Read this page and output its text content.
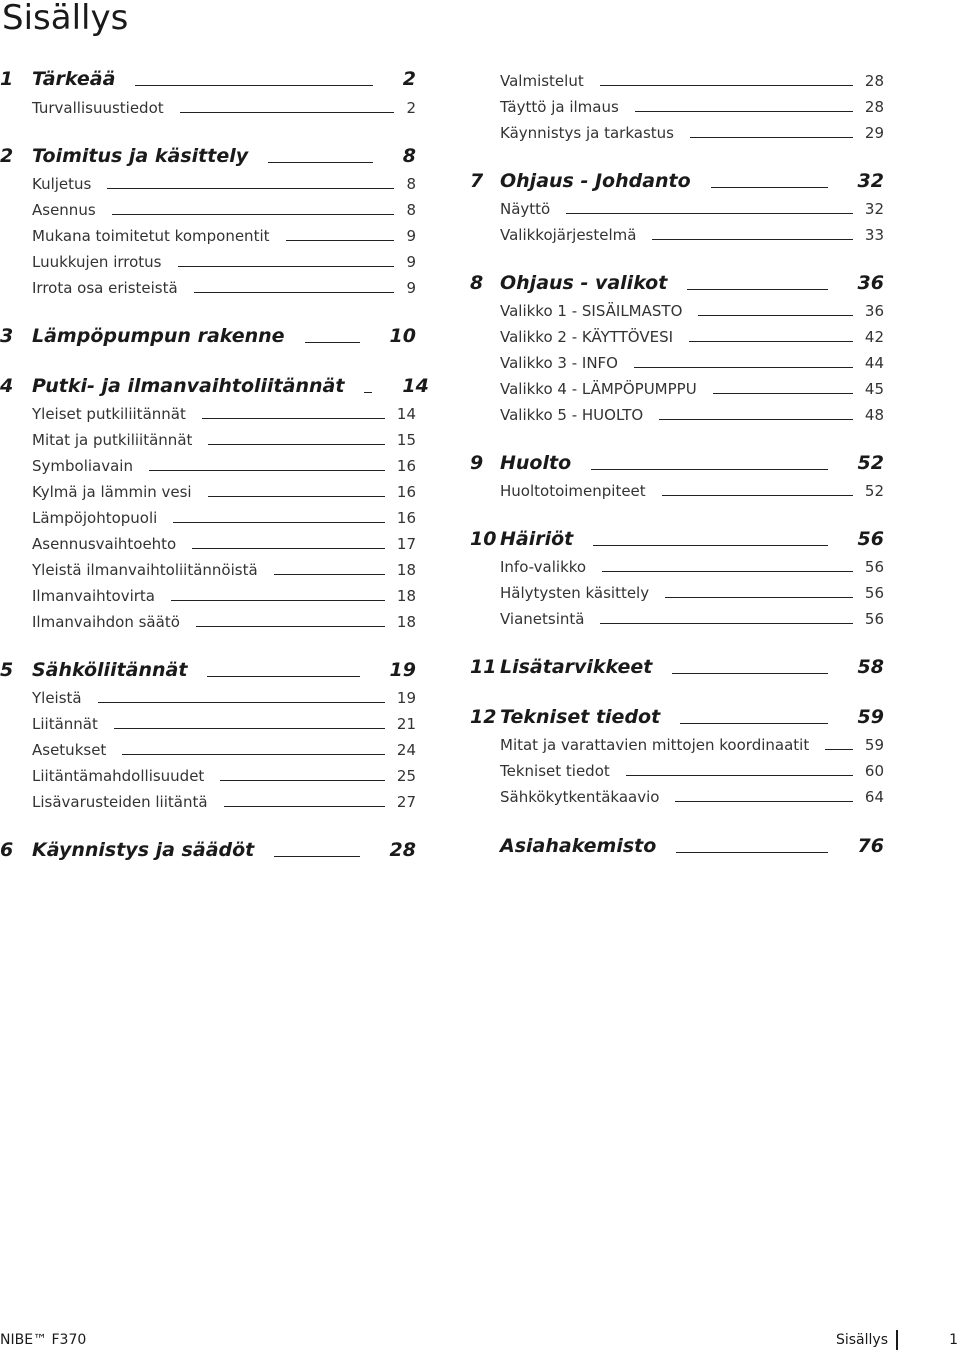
Sisällys
1 Tärkeää	2
Turvallisuustiedot	2
2 Toimitus ja käsittely	8
Kuljetus	8
Asennus	8
Mukana toimitetut komponentit	9
Luukkujen irrotus	9
Irrota osa eristeistä	9
3 Lämpöpumpun rakenne	10
4 Putki- ja ilmanvaihtoliitännät	14
Yleiset putkiliitännät	14
Mitat ja putkiliitännät	15
Symboliavain	16
Kylmä ja lämmin vesi	16
Lämpöjohtopuoli	16
Asennusvaihtoehto	17
Yleistä ilmanvaihtoliitännöistä	18
Ilmanvaihtovirta	18
Ilmanvaihdon säätö	18
5 Sähköliitännät	19
Yleistä	19
Liitännät	21
Asetukset	24
Liitäntämahdollisuudet	25
Lisävarusteiden liitäntä	27
6 Käynnistys ja säädöt	28
Valmistelut	28
Täyttö ja ilmaus	28
Käynnistys ja tarkastus	29
7 Ohjaus - Johdanto	32
Näyttö	32
Valikkojärjestelmä	33
8 Ohjaus - valikot	36
Valikko 1 - SISÄILMASTO	36
Valikko 2 - KÄYTTÖVESI	42
Valikko 3 - INFO	44
Valikko 4 - LÄMPÖPUMPPU	45
Valikko 5 - HUOLTO	48
9 Huolto	52
Huoltotoimenpiteet	52
10 Häiriöt	56
Info-valikko	56
Hälytysten käsittely	56
Vianetsintä	56
11 Lisätarvikkeet	58
12 Tekniset tiedot	59
Mitat ja varattavien mittojen koordinaatit	59
Tekniset tiedot	60
Sähkökytkentäkaavio	64
Asiahakemisto	76
NIBE™ F370	Sisällys	1
